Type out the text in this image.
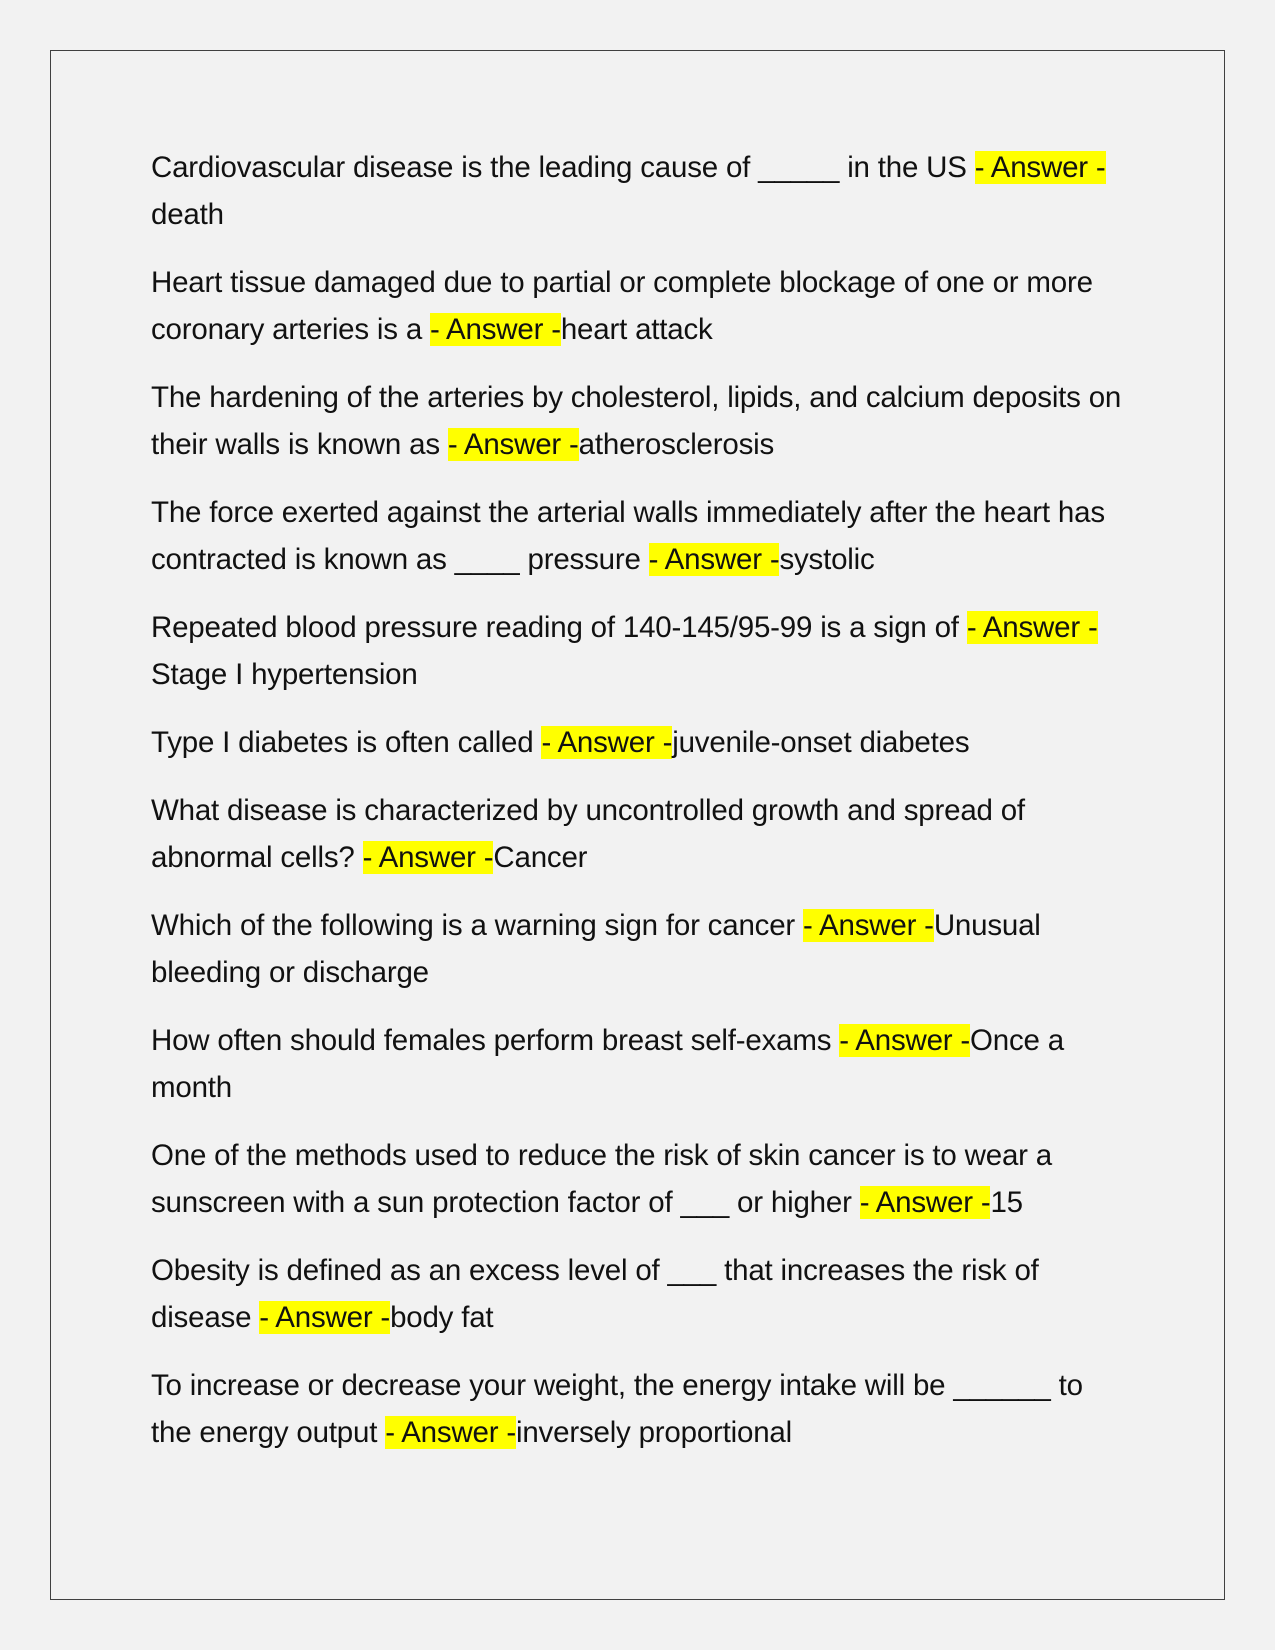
Cardiovascular disease is the leading cause of _____ in the US - Answer -death

Heart tissue damaged due to partial or complete blockage of one or more coronary arteries is a - Answer -heart attack

The hardening of the arteries by cholesterol, lipids, and calcium deposits on their walls is known as - Answer -atherosclerosis

The force exerted against the arterial walls immediately after the heart has contracted is known as ____ pressure - Answer -systolic

Repeated blood pressure reading of 140-145/95-99 is a sign of - Answer -Stage I hypertension

Type I diabetes is often called - Answer -juvenile-onset diabetes

What disease is characterized by uncontrolled growth and spread of abnormal cells? - Answer -Cancer

Which of the following is a warning sign for cancer - Answer -Unusual bleeding or discharge

How often should females perform breast self-exams - Answer -Once a month

One of the methods used to reduce the risk of skin cancer is to wear a sunscreen with a sun protection factor of ___ or higher - Answer -15

Obesity is defined as an excess level of ___ that increases the risk of disease - Answer -body fat

To increase or decrease your weight, the energy intake will be ______ to the energy output - Answer -inversely proportional
